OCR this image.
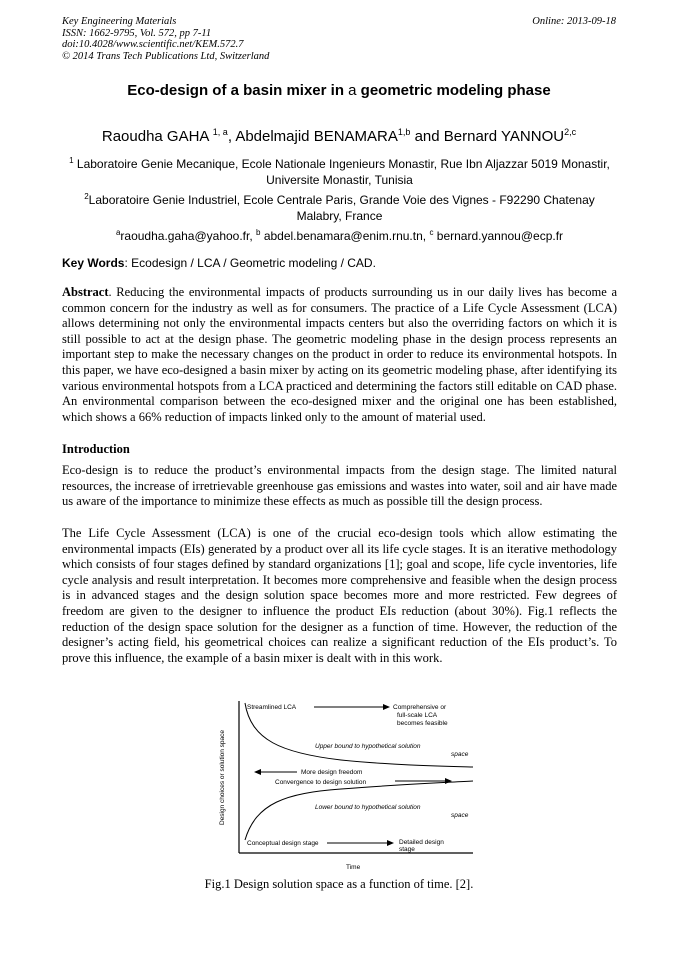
Key Engineering Materials
ISSN: 1662-9795, Vol. 572, pp 7-11
doi:10.4028/www.scientific.net/KEM.572.7
© 2014 Trans Tech Publications Ltd, Switzerland
Online: 2013-09-18
Eco-design of a basin mixer in a geometric modeling phase
Raoudha GAHA $^{1, a}$, Abdelmajid BENAMARA$^{1,b}$ and Bernard YANNOU$^{2,c}$
$^1$ Laboratoire Genie Mecanique, Ecole Nationale Ingenieurs Monastir, Rue Ibn Aljazzar 5019 Monastir, Universite Monastir, Tunisia
$^2$Laboratoire Genie Industriel, Ecole Centrale Paris, Grande Voie des Vignes - F92290 Chatenay Malabry, France
$^a$raoudha.gaha@yahoo.fr, $^b$ abdel.benamara@enim.rnu.tn, $^c$ bernard.yannou@ecp.fr
Key Words: Ecodesign / LCA / Geometric modeling / CAD.
Abstract. Reducing the environmental impacts of products surrounding us in our daily lives has become a common concern for the industry as well as for consumers. The practice of a Life Cycle Assessment (LCA) allows determining not only the environmental impacts centers but also the overriding factors on which it is still possible to act at the design phase. The geometric modeling phase in the design process represents an important step to make the necessary changes on the product in order to reduce its environmental hotspots. In this paper, we have eco-designed a basin mixer by acting on its geometric modeling phase, after identifying its various environmental hotspots from a LCA practiced and determining the factors still editable on CAD phase. An environmental comparison between the eco-designed mixer and the original one has been established, which shows a 66% reduction of impacts linked only to the amount of material used.
Introduction
Eco-design is to reduce the product’s environmental impacts from the design stage. The limited natural resources, the increase of irretrievable greenhouse gas emissions and wastes into water, soil and air have made us aware of the importance to minimize these effects as much as possible till the design process.
The Life Cycle Assessment (LCA) is one of the crucial eco-design tools which allow estimating the environmental impacts (EIs) generated by a product over all its life cycle stages. It is an iterative methodology which consists of four stages defined by standard organizations [1]; goal and scope, life cycle inventories, life cycle analysis and result interpretation. It becomes more comprehensive and feasible when the design process is in advanced stages and the design solution space becomes more and more restricted. Few degrees of freedom are given to the designer to influence the product EIs reduction (about 30%). Fig.1 reflects the reduction of the design space solution for the designer as a function of time. However, the reduction of the designer’s acting field, his geometrical choices can realize a significant reduction of the EIs product’s. To prove this influence, the example of a basin mixer is dealt with in this work.
Design choices or solution space
Time
Streamlined LCA	Comprehensive or
full-scale LCA
becomes feasible
Upper bound to hypothetical solution
space
More design freedom
Convergence to design solution
Lower bound to hypothetical solution
space
Conceptual design stage	Detailed design
stage
Fig.1 Design solution space as a function of time. [2].
